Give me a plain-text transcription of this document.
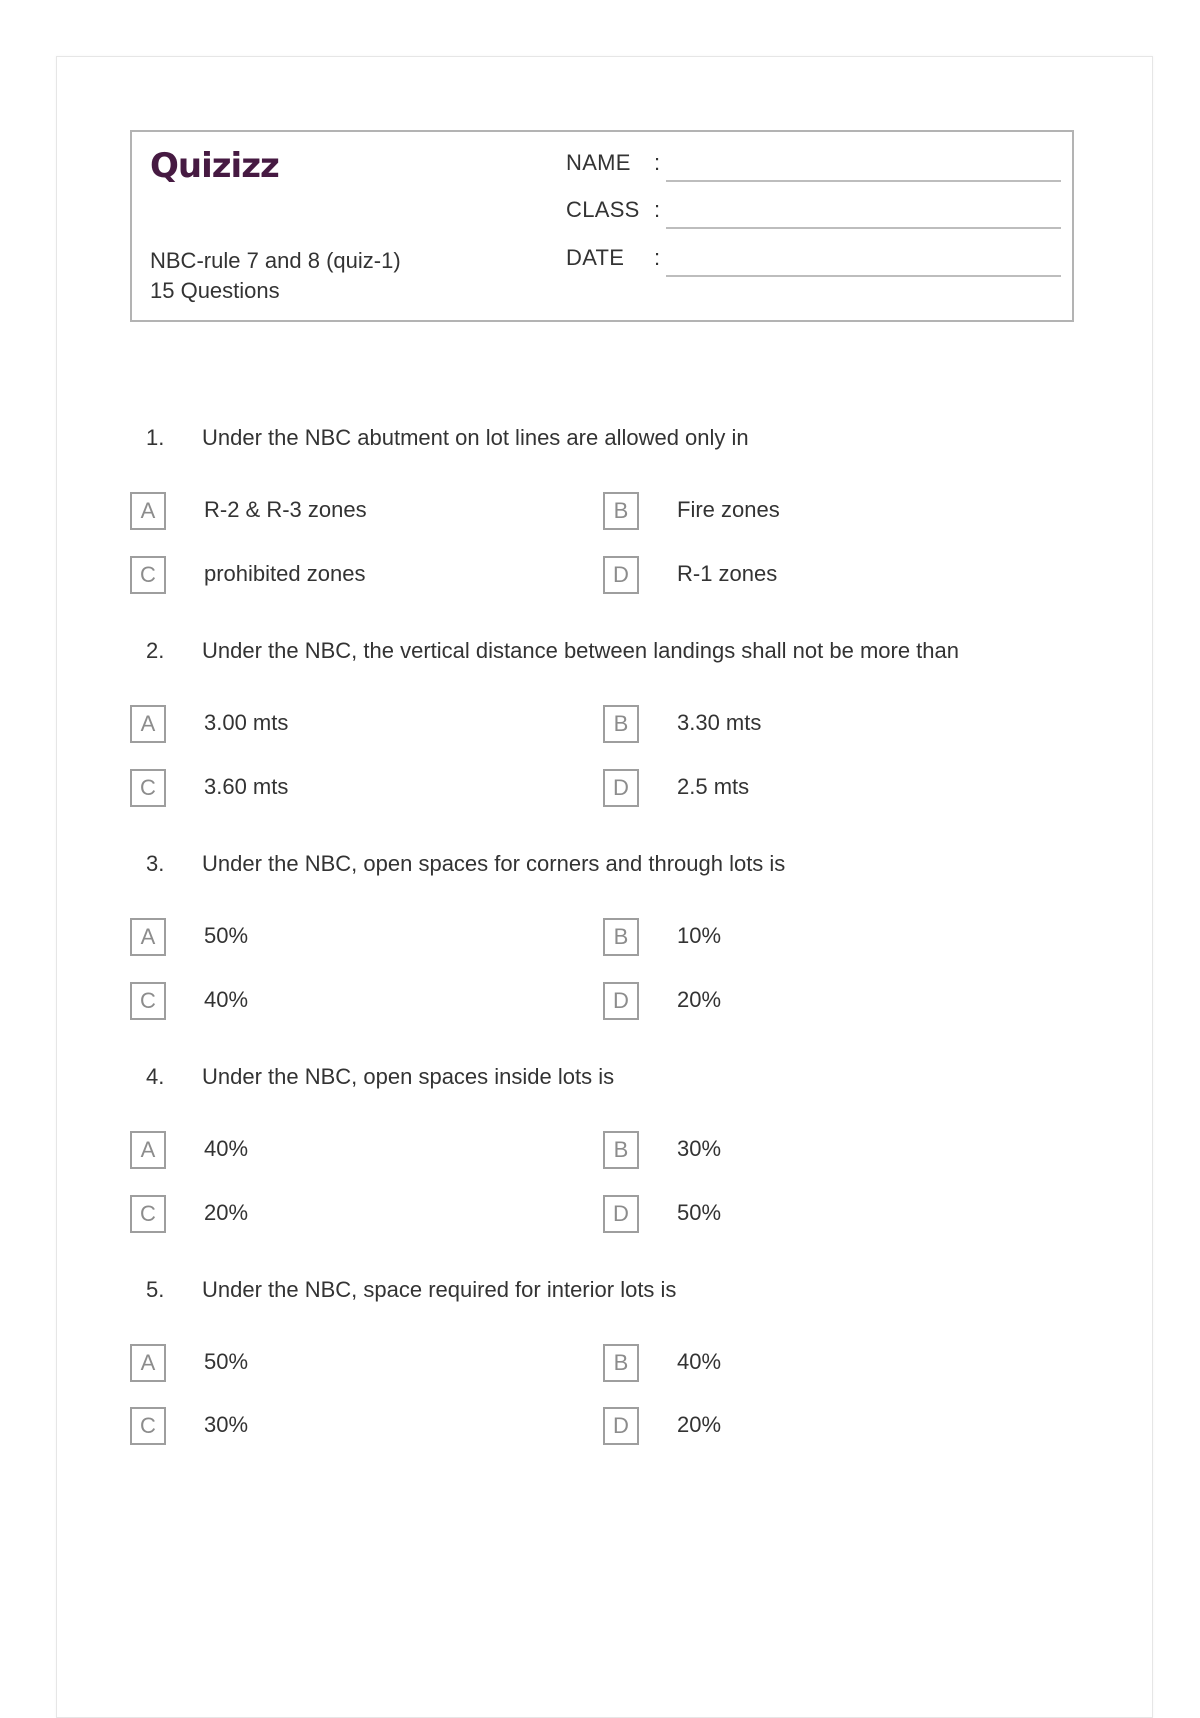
Quizizz
NBC-rule 7 and 8 (quiz-1)
15 Questions
NAME :
CLASS :
DATE :
1. Under the NBC abutment on lot lines are allowed only in
A	R-2 & R-3 zones	B	Fire zones
C	prohibited zones	D	R-1 zones
2. Under the NBC, the vertical distance between landings shall not be more than
A	3.00 mts	B	3.30 mts
C	3.60 mts	D	2.5 mts
3. Under the NBC, open spaces for corners and through lots is
A	50%	B	10%
C	40%	D	20%
4. Under the NBC, open spaces inside lots is
A	40%	B	30%
C	20%	D	50%
5. Under the NBC, space required for interior lots is
A	50%	B	40%
C	30%	D	20%
